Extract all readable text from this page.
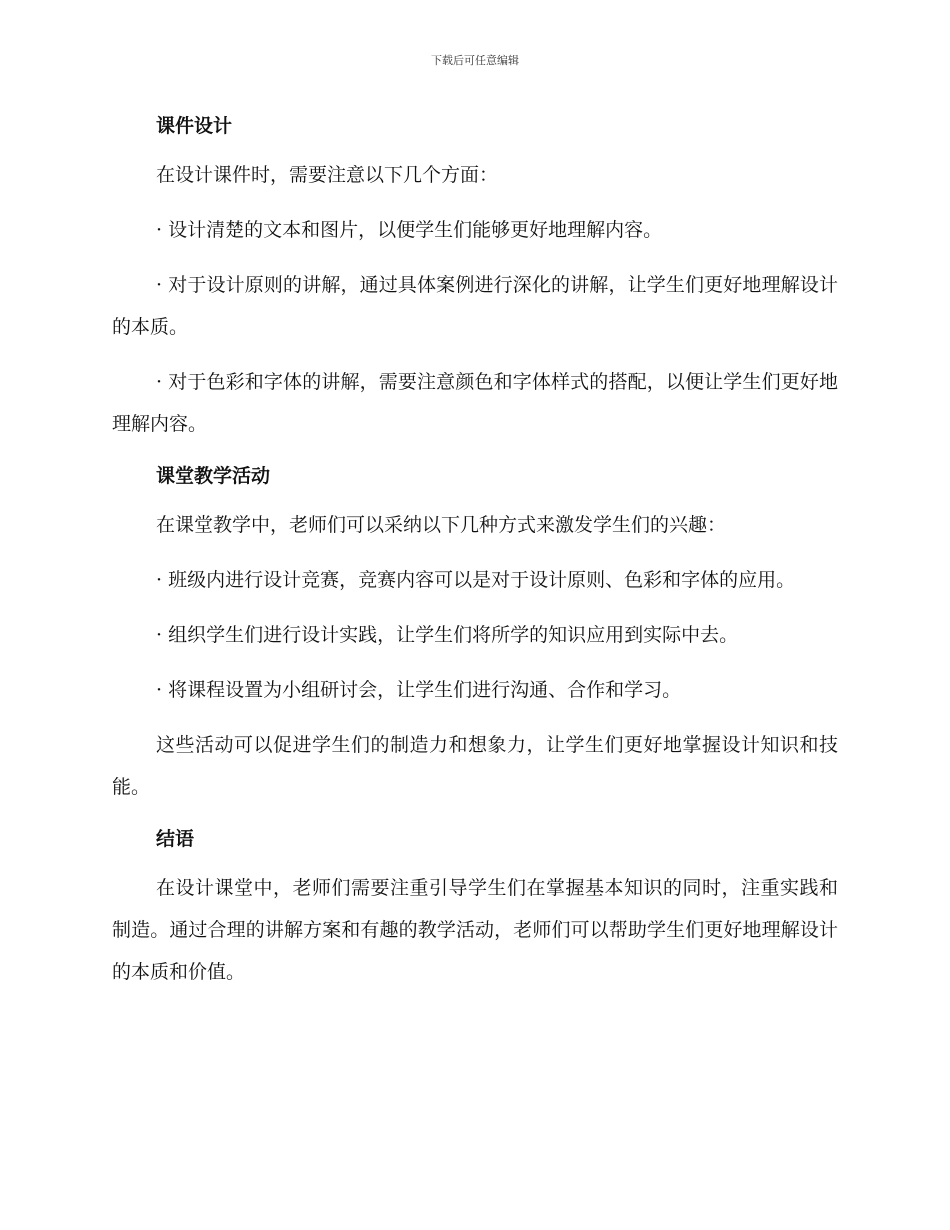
下载后可任意编辑
课件设计

在设计课件时，需要注意以下几个方面：

· 设计清楚的文本和图片，以便学生们能够更好地理解内容。

· 对于设计原则的讲解，通过具体案例进行深化的讲解，让学生们更好地理解设计的本质。

· 对于色彩和字体的讲解，需要注意颜色和字体样式的搭配，以便让学生们更好地理解内容。

课堂教学活动

在课堂教学中，老师们可以采纳以下几种方式来激发学生们的兴趣：

· 班级内进行设计竞赛，竞赛内容可以是对于设计原则、色彩和字体的应用。

· 组织学生们进行设计实践，让学生们将所学的知识应用到实际中去。

· 将课程设置为小组研讨会，让学生们进行沟通、合作和学习。

这些活动可以促进学生们的制造力和想象力，让学生们更好地掌握设计知识和技能。

结语

在设计课堂中，老师们需要注重引导学生们在掌握基本知识的同时，注重实践和制造。通过合理的讲解方案和有趣的教学活动，老师们可以帮助学生们更好地理解设计的本质和价值。
